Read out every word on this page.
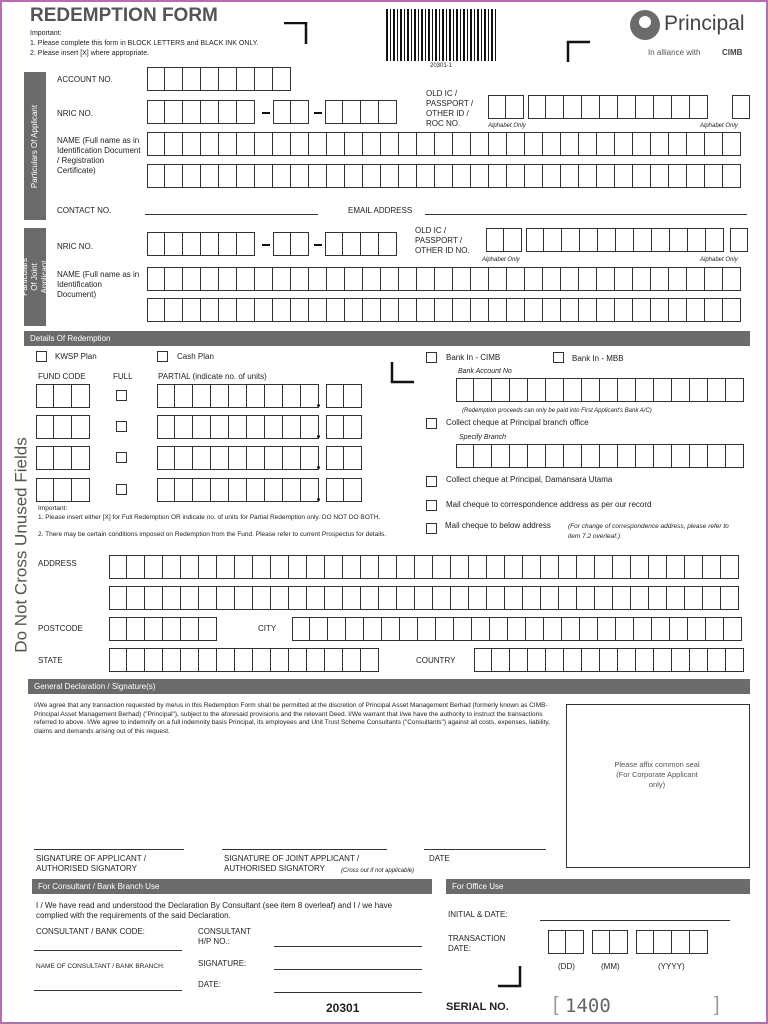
REDEMPTION FORM
Important:
1. Please complete this form in BLOCK LETTERS and BLACK INK ONLY.
2. Please insert [X] where appropriate.
20301-1
Principal
In alliance with	CIMB
Particulars Of Applicant
ACCOUNT NO.
NRIC NO.
OLD IC / PASSPORT / OTHER ID / ROC NO.	Alphabet Only	Alphabet Only
NAME (Full name as in Identification Document / Registration Certificate)
CONTACT NO.	EMAIL ADDRESS
Particulars Of Joint Applicant
NRIC NO.
OLD IC / PASSPORT / OTHER ID NO.
Alphabet Only	Alphabet Only
NAME (Full name as in Identification Document)
Details Of Redemption
KWSP Plan	Cash Plan
FUND CODE	FULL	PARTIAL (indicate no. of units)
Important:
1. Please insert either [X] for Full Redemption OR indicate no. of units for Partial Redemption only. DO NOT DO BOTH.
2. There may be certain conditions imposed on Redemption from the Fund. Please refer to current Prospectus for details.
Bank In - CIMB	Bank In - MBB
Bank Account No
(Redemption proceeds can only be paid into First Applicant's Bank A/C)
Collect cheque at Principal branch office
Specify Branch
Collect cheque at Principal, Damansara Utama
Mail cheque to correspondence address as per our record
Mail cheque to below address	(For change of correspondence address, please refer to item 7.2 overleaf.)
Do Not Cross Unused Fields ADDRESS
POSTCODE	CITY
STATE	COUNTRY
General Declaration / Signature(s)
I/We agree that any transaction requested by me/us in this Redemption Form shall be permitted at the discretion of Principal Asset Management Berhad (formerly known as CIMB-Principal Asset Management Berhad) ("Principal"), subject to the aforesaid provisions and the relevant Deed. I/We warrant that I/we have the authority to instruct the transactions referred to above. I/We agree to indemnify on a full indemnity basis Principal, its employees and Unit Trust Scheme Consultants ("Consultants") against all costs, expenses, liability, claims and demands arising out of this request.
Please affix common seal (For Corporate Applicant only)
SIGNATURE OF APPLICANT / AUTHORISED SIGNATORY
SIGNATURE OF JOINT APPLICANT / AUTHORISED SIGNATORY	(Cross out if not applicable)
DATE
For Consultant / Bank Branch Use
I / We have read and understood the Declaration By Consultant (see item 8 overleaf) and I / we have complied with the requirements of the said Declaration.
CONSULTANT / BANK CODE:	CONSULTANT H/P NO.:
NAME OF CONSULTANT / BANK BRANCH:	SIGNATURE:
DATE:
For Office Use
INITIAL & DATE:
TRANSACTION DATE:
(DD)	(MM)	(YYYY)
20301	SERIAL NO. [ 1400	]
